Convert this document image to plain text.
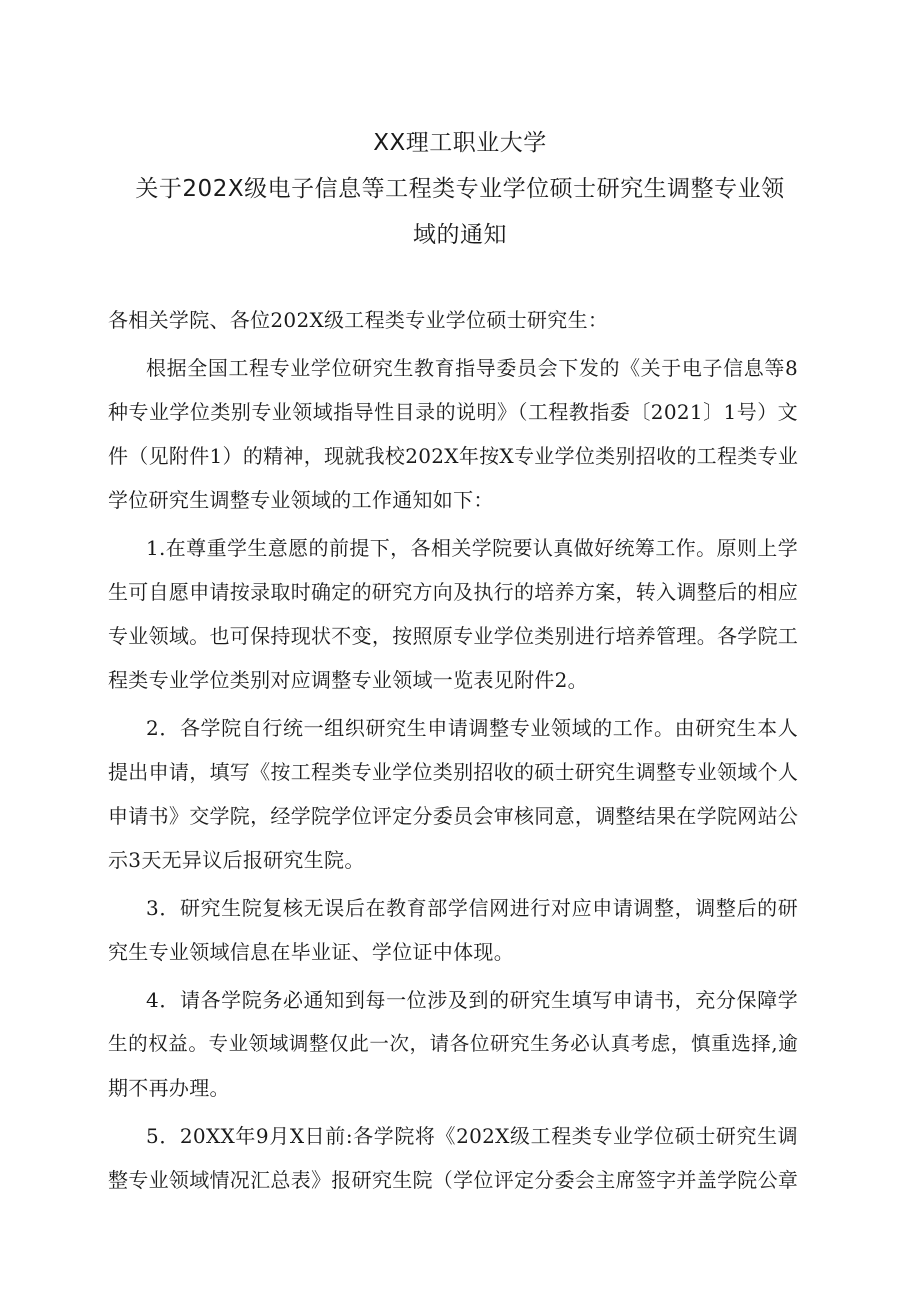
XX理工职业大学
关于202X级电子信息等工程类专业学位硕士研究生调整专业领
域的通知
各相关学院、各位202X级工程类专业学位硕士研究生：
根据全国工程专业学位研究生教育指导委员会下发的《关于电子信息等8
种专业学位类别专业领域指导性目录的说明》（工程教指委〔2021〕1号）文
件（见附件1）的精神，现就我校202X年按X专业学位类别招收的工程类专业
学位研究生调整专业领域的工作通知如下：
1.在尊重学生意愿的前提下，各相关学院要认真做好统筹工作。原则上学
生可自愿申请按录取时确定的研究方向及执行的培养方案，转入调整后的相应
专业领域。也可保持现状不变，按照原专业学位类别进行培养管理。各学院工
程类专业学位类别对应调整专业领域一览表见附件2。
2．各学院自行统一组织研究生申请调整专业领域的工作。由研究生本人
提出申请，填写《按工程类专业学位类别招收的硕士研究生调整专业领域个人
申请书》交学院，经学院学位评定分委员会审核同意，调整结果在学院网站公
示3天无异议后报研究生院。
3．研究生院复核无误后在教育部学信网进行对应申请调整，调整后的研
究生专业领域信息在毕业证、学位证中体现。
4．请各学院务必通知到每一位涉及到的研究生填写申请书，充分保障学
生的权益。专业领域调整仅此一次，请各位研究生务必认真考虑，慎重选择,逾
期不再办理。
5．20XX年9月X日前:各学院将《202X级工程类专业学位硕士研究生调
整专业领域情况汇总表》报研究生院（学位评定分委会主席签字并盖学院公章
